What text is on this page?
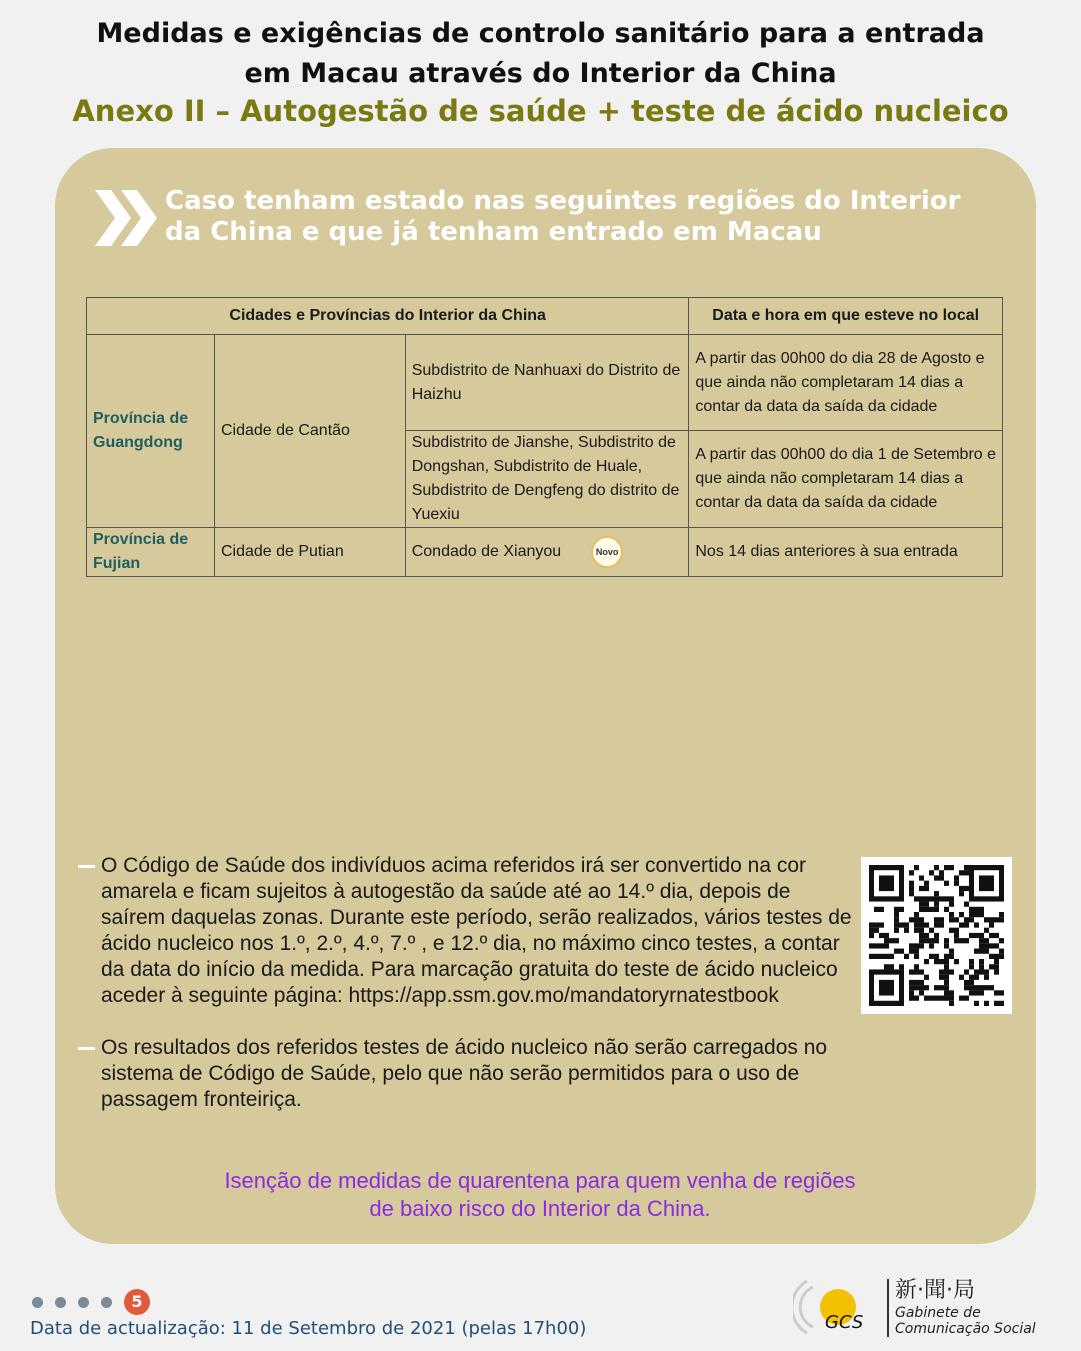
Medidas e exigências de controlo sanitário para a entrada
em Macau através do Interior da China
Anexo II – Autogestão de saúde + teste de ácido nucleico
Caso tenham estado nas seguintes regiões do Interior
da China e que já tenham entrado em Macau
Cidades e Províncias do Interior da China			Data e hora em que esteve no local
Província de Guangdong	Cidade de Cantão	Subdistrito de Nanhuaxi do Distrito de Haizhu	A partir das 00h00 do dia 28 de Agosto e que ainda não completaram 14 dias a contar da data da saída da cidade
		Subdistrito de Jianshe, Subdistrito de Dongshan, Subdistrito de Huale, Subdistrito de Dengfeng do distrito de Yuexiu	A partir das 00h00 do dia 1 de Setembro e que ainda não completaram 14 dias a contar da data da saída da cidade
Província de Fujian	Cidade de Putian	Condado de Xianyou Novo	Nos 14 dias anteriores à sua entrada
O Código de Saúde dos indivíduos acima referidos irá ser convertido na cor amarela e ficam sujeitos à autogestão da saúde até ao 14.º dia, depois de saírem daquelas zonas. Durante este período, serão realizados, vários testes de ácido nucleico nos 1.º, 2.º, 4.º, 7.º , e 12.º dia, no máximo cinco testes, a contar da data do início da medida. Para marcação gratuita do teste de ácido nucleico aceder à seguinte página: https://app.ssm.gov.mo/mandatoryrnatestbook
Os resultados dos referidos testes de ácido nucleico não serão carregados no sistema de Código de Saúde, pelo que não serão permitidos para o uso de passagem fronteiriça.
Isenção de medidas de quarentena para quem venha de regiões
de baixo risco do Interior da China.
5
Data de actualização: 11 de Setembro de 2021 (pelas 17h00)	GCS
新·聞·局
Gabinete de
Comunicação Social
